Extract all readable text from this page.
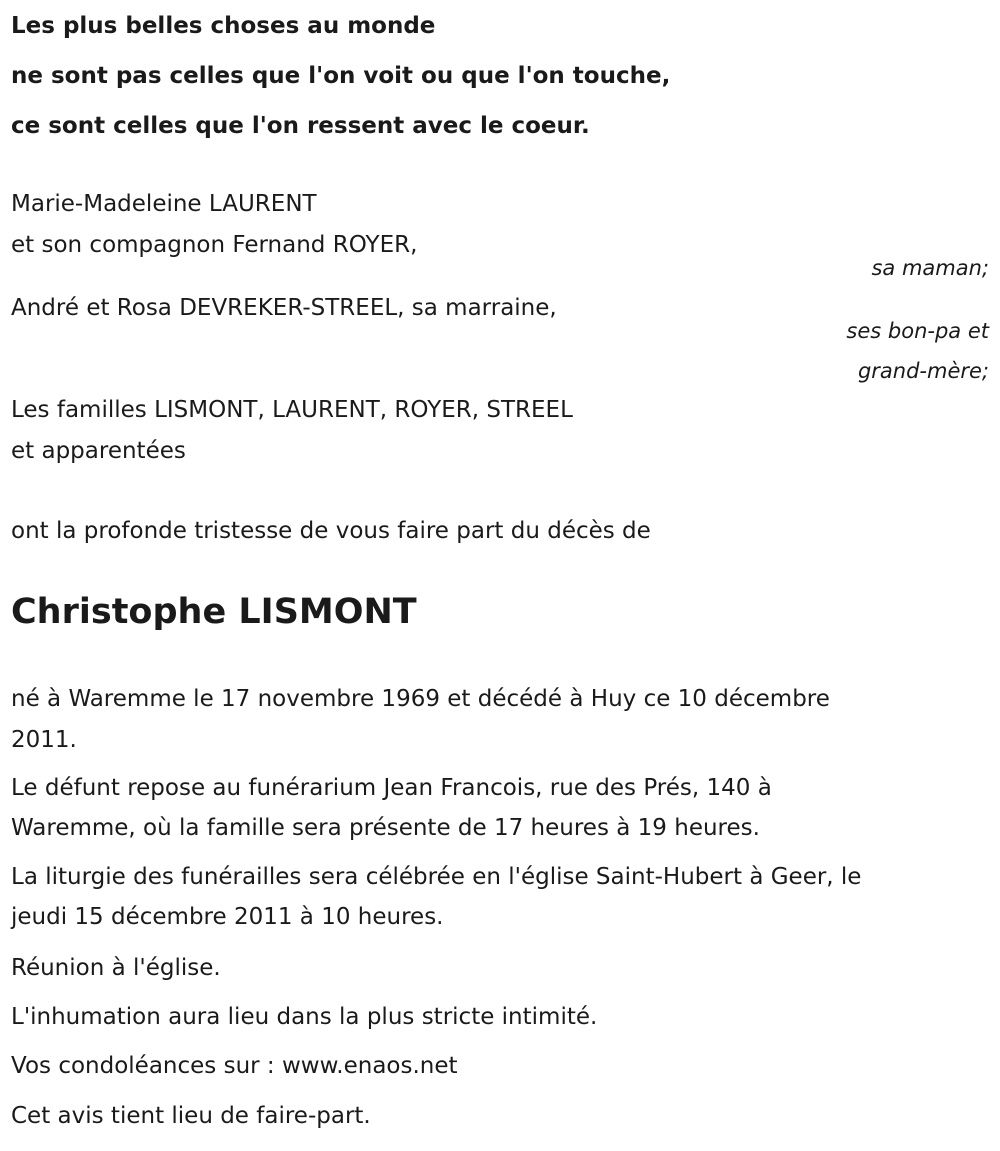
Les plus belles choses au monde
ne sont pas celles que l'on voit ou que l'on touche,
ce sont celles que l'on ressent avec le coeur.
Marie-Madeleine LAURENT
et son compagnon Fernand ROYER,
sa maman;
André et Rosa DEVREKER-STREEL, sa marraine,
ses bon-pa et
grand-mère;
Les familles LISMONT, LAURENT, ROYER, STREEL
et apparentées
ont la profonde tristesse de vous faire part du décès de
Christophe LISMONT
né à Waremme le 17 novembre 1969 et décédé à Huy ce 10 décembre
2011.
Le défunt repose au funérarium Jean Francois, rue des Prés, 140 à
Waremme, où la famille sera présente de 17 heures à 19 heures.
La liturgie des funérailles sera célébrée en l'église Saint-Hubert à Geer, le
jeudi 15 décembre 2011 à 10 heures.
Réunion à l'église.
L'inhumation aura lieu dans la plus stricte intimité.
Vos condoléances sur : www.enaos.net
Cet avis tient lieu de faire-part.
